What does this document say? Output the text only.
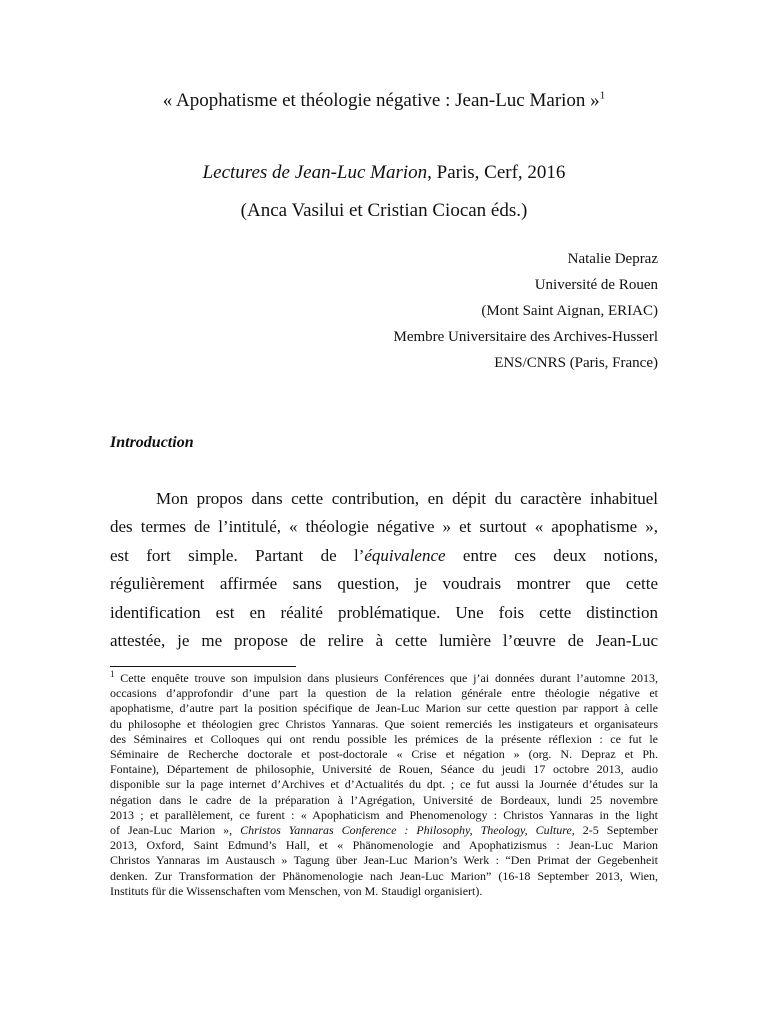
« Apophatisme et théologie négative : Jean-Luc Marion »$^1$
Lectures de Jean-Luc Marion, Paris, Cerf, 2016
(Anca Vasilui et Cristian Ciocan éds.)
Natalie Depraz
Université de Rouen
(Mont Saint Aignan, ERIAC)
Membre Universitaire des Archives-Husserl
ENS/CNRS (Paris, France)
Introduction
Mon propos dans cette contribution, en dépit du caractère inhabituel
des termes de l’intitulé, « théologie négative » et surtout « apophatisme »,
est fort simple. Partant de l’équivalence entre ces deux notions,
régulièrement affirmée sans question, je voudrais montrer que cette
identification est en réalité problématique. Une fois cette distinction
attestée, je me propose de relire à cette lumière l’œuvre de Jean-Luc
$^1$ Cette enquête trouve son impulsion dans plusieurs Conférences que j’ai données durant l’automne 2013,
occasions d’approfondir d’une part la question de la relation générale entre théologie négative et
apophatisme, d’autre part la position spécifique de Jean-Luc Marion sur cette question par rapport à celle
du philosophe et théologien grec Christos Yannaras. Que soient remerciés les instigateurs et organisateurs
des Séminaires et Colloques qui ont rendu possible les prémices de la présente réflexion : ce fut le
Séminaire de Recherche doctorale et post-doctorale « Crise et négation » (org. N. Depraz et Ph.
Fontaine), Département de philosophie, Université de Rouen, Séance du jeudi 17 octobre 2013, audio
disponible sur la page internet d’Archives et d’Actualités du dpt. ; ce fut aussi la Journée d’études sur la
négation dans le cadre de la préparation à l’Agrégation, Université de Bordeaux, lundi 25 novembre
2013 ; et parallèlement, ce furent : « Apophaticism and Phenomenology : Christos Yannaras in the light
of Jean-Luc Marion », Christos Yannaras Conference : Philosophy, Theology, Culture, 2-5 September
2013, Oxford, Saint Edmund’s Hall, et « Phänomenologie and Apophatizismus : Jean-Luc Marion
Christos Yannaras im Austausch » Tagung über Jean-Luc Marion’s Werk : “Den Primat der Gegebenheit
denken. Zur Transformation der Phänomenologie nach Jean-Luc Marion” (16-18 September 2013, Wien,
Instituts für die Wissenschaften vom Menschen, von M. Staudigl organisiert).
